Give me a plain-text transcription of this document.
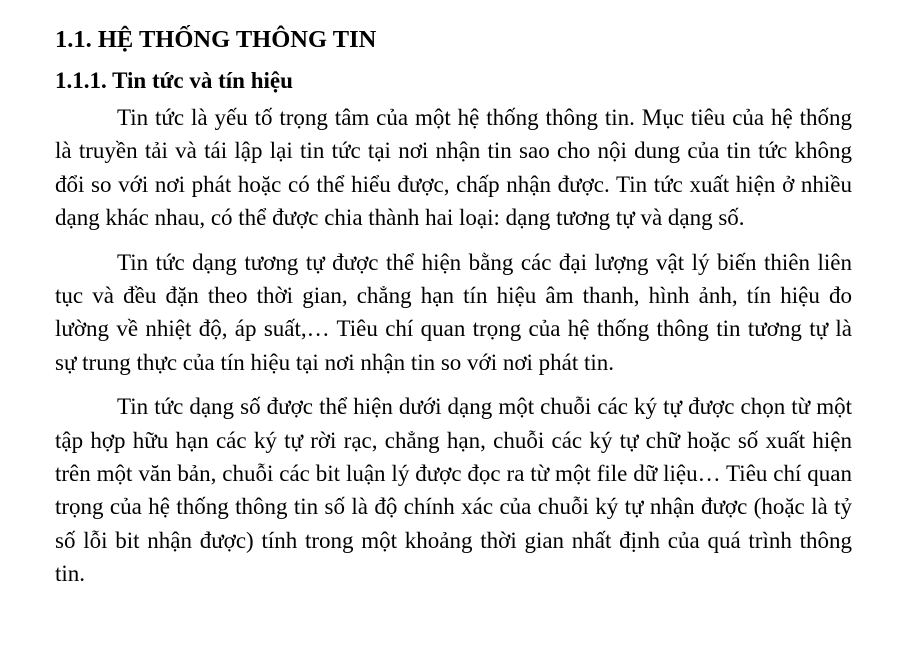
1.1. HỆ THỐNG THÔNG TIN
1.1.1. Tin tức và tín hiệu

Tin tức là yếu tố trọng tâm của một hệ thống thông tin. Mục tiêu của hệ thống là truyền tải và tái lập lại tin tức tại nơi nhận tin sao cho nội dung của tin tức không đổi so với nơi phát hoặc có thể hiểu được, chấp nhận được. Tin tức xuất hiện ở nhiều dạng khác nhau, có thể được chia thành hai loại: dạng tương tự và dạng số.

Tin tức dạng tương tự được thể hiện bằng các đại lượng vật lý biến thiên liên tục và đều đặn theo thời gian, chẳng hạn tín hiệu âm thanh, hình ảnh, tín hiệu đo lường về nhiệt độ, áp suất,… Tiêu chí quan trọng của hệ thống thông tin tương tự là sự trung thực của tín hiệu tại nơi nhận tin so với nơi phát tin.

Tin tức dạng số được thể hiện dưới dạng một chuỗi các ký tự được chọn từ một tập hợp hữu hạn các ký tự rời rạc, chẳng hạn, chuỗi các ký tự chữ hoặc số xuất hiện trên một văn bản, chuỗi các bit luận lý được đọc ra từ một file dữ liệu… Tiêu chí quan trọng của hệ thống thông tin số là độ chính xác của chuỗi ký tự nhận được (hoặc là tỷ số lỗi bit nhận được) tính trong một khoảng thời gian nhất định của quá trình thông tin.
